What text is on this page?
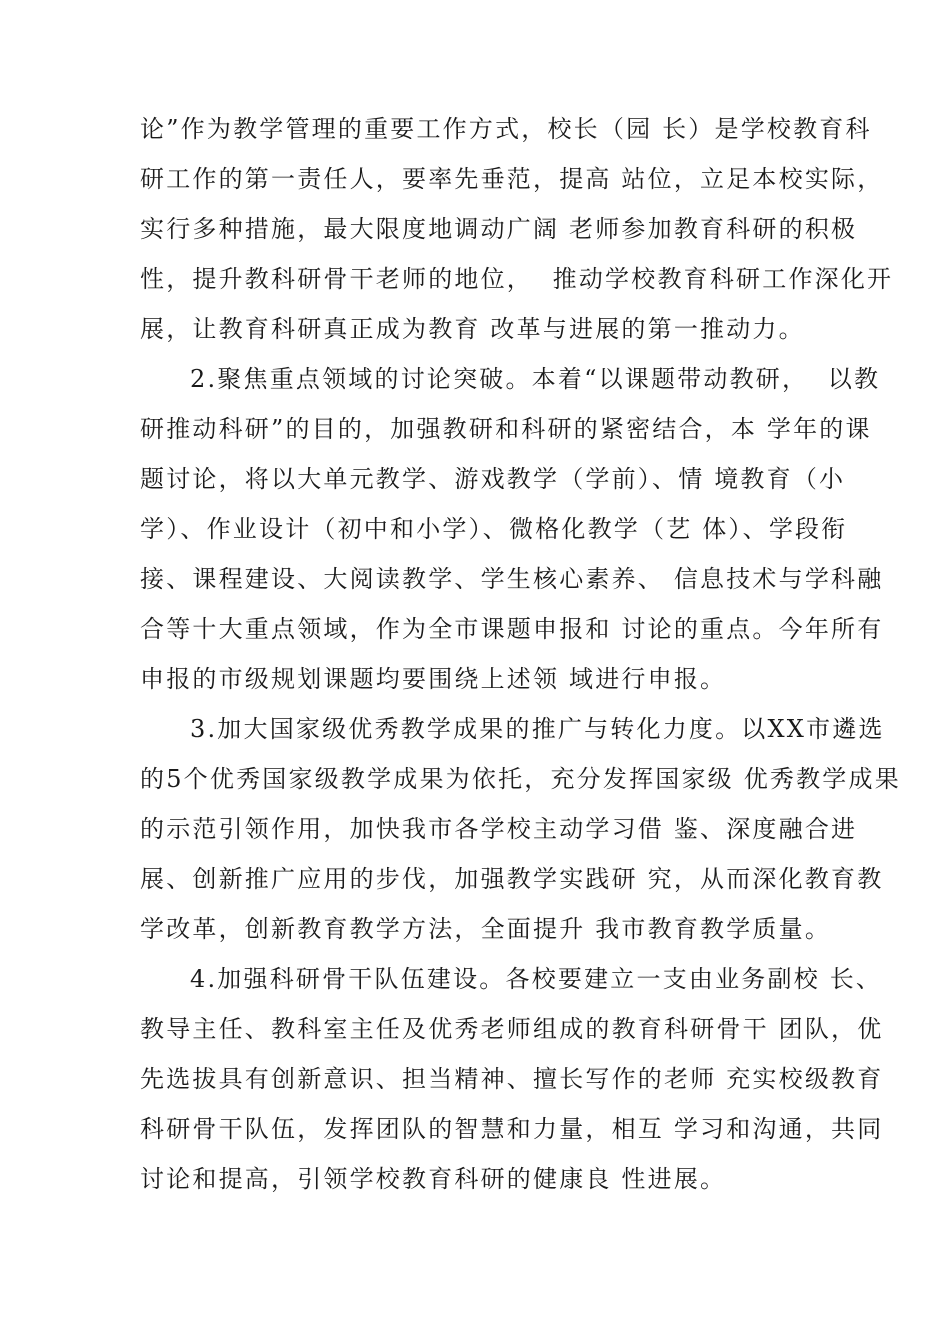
论”作为教学管理的重要工作方式，校长（园 长）是学校教育科

研工作的第一责任人，要率先垂范，提高 站位，立足本校实际，

实行多种措施，最大限度地调动广阔 老师参加教育科研的积极

性，提升教科研骨干老师的地位，  推动学校教育科研工作深化开

展，让教育科研真正成为教育 改革与进展的第一推动力。

2.聚焦重点领域的讨论突破。本着“以课题带动教研，  以教

研推动科研”的目的，加强教研和科研的紧密结合，本 学年的课

题讨论，将以大单元教学、游戏教学（学前）、情 境教育（小

学）、作业设计（初中和小学）、微格化教学（艺 体）、学段衔

接、课程建设、大阅读教学、学生核心素养、 信息技术与学科融

合等十大重点领域，作为全市课题申报和 讨论的重点。今年所有

申报的市级规划课题均要围绕上述领 域进行申报。

3.加大国家级优秀教学成果的推广与转化力度。以XX市遴选

的5个优秀国家级教学成果为依托，充分发挥国家级 优秀教学成果

的示范引领作用，加快我市各学校主动学习借 鉴、深度融合进

展、创新推广应用的步伐，加强教学实践研 究，从而深化教育教

学改革，创新教育教学方法，全面提升 我市教育教学质量。

4.加强科研骨干队伍建设。各校要建立一支由业务副校 长、

教导主任、教科室主任及优秀老师组成的教育科研骨干 团队，优

先选拔具有创新意识、担当精神、擅长写作的老师 充实校级教育

科研骨干队伍，发挥团队的智慧和力量，相互 学习和沟通，共同

讨论和提高，引领学校教育科研的健康良 性进展。
